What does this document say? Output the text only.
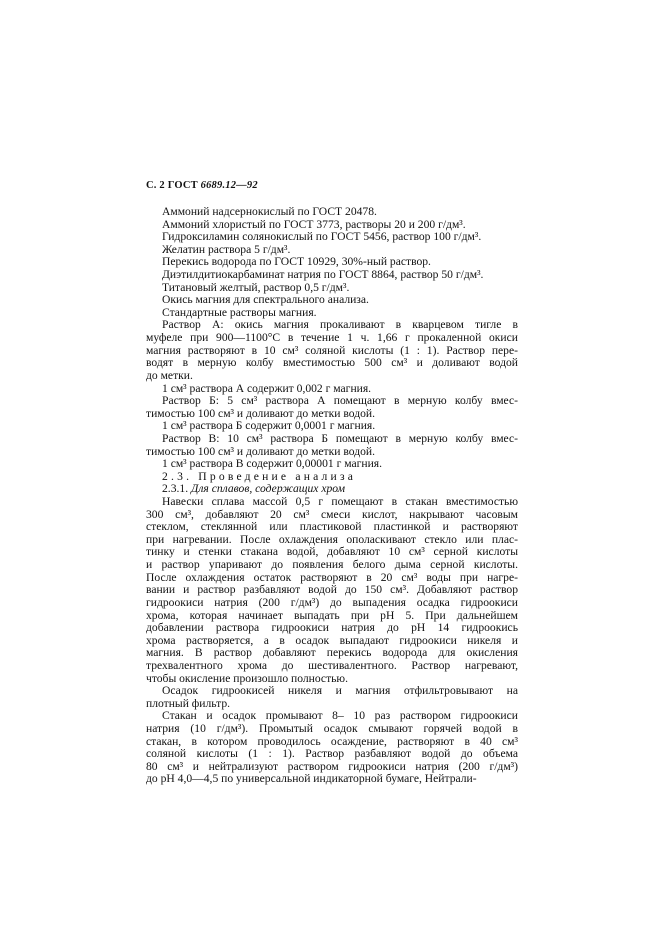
С. 2 ГОСТ 6689.12—92
Аммоний надсернокислый по ГОСТ 20478.
Аммоний хлористый по ГОСТ 3773, растворы 20 и 200 г/дм³.
Гидроксиламин солянокислый по ГОСТ 5456, раствор 100 г/дм³.
Желатин раствора 5 г/дм³.
Перекись водорода по ГОСТ 10929, 30%-ный раствор.
Диэтилдитиокарбаминат натрия по ГОСТ 8864, раствор 50 г/дм³.
Титановый желтый, раствор 0,5 г/дм³.
Окись магния для спектрального анализа.
Стандартные растворы магния.
Раствор А: окись магния прокаливают в кварцевом тигле в
муфеле при 900—1100°С в течение 1 ч. 1,66 г прокаленной окиси
магния растворяют в 10 см³ соляной кислоты (1 : 1). Раствор пере-
водят в мерную колбу вместимостью 500 см³ и доливают водой
до метки.
1 см³ раствора А содержит 0,002 г магния.
Раствор Б: 5 см³ раствора А помещают в мерную колбу вмес-
тимостью 100 см³ и доливают до метки водой.
1 см³ раствора Б содержит 0,0001 г магния.
Раствор В: 10 см³ раствора Б помещают в мерную колбу вмес-
тимостью 100 см³ и доливают до метки водой.
1 см³ раствора В содержит 0,00001 г магния.
2.3. Проведение анализа
2.3.1. Для сплавов, содержащих хром
Навески сплава массой 0,5 г помещают в стакан вместимостью
300 см³, добавляют 20 см³ смеси кислот, накрывают часовым
стеклом, стеклянной или пластиковой пластинкой и растворяют
при нагревании. После охлаждения ополаскивают стекло или плас-
тинку и стенки стакана водой, добавляют 10 см³ серной кислоты
и раствор упаривают до появления белого дыма серной кислоты.
После охлаждения остаток растворяют в 20 см³ воды при нагре-
вании и раствор разбавляют водой до 150 см³. Добавляют раствор
гидроокиси натрия (200 г/дм³) до выпадения осадка гидроокиси
хрома, которая начинает выпадать при рН 5. При дальнейшем
добавлении раствора гидроокиси натрия до рН 14 гидроокись
хрома растворяется, а в осадок выпадают гидроокиси никеля и
магния. В раствор добавляют перекись водорода для окисления
трехвалентного хрома до шестивалентного. Раствор нагревают,
чтобы окисление произошло полностью.
Осадок гидроокисей никеля и магния отфильтровывают на
плотный фильтр.
Стакан и осадок промывают 8– 10 раз раствором гидроокиси
натрия (10 г/дм³). Промытый осадок смывают горячей водой в
стакан, в котором проводилось осаждение, растворяют в 40 см³
соляной кислоты (1 : 1). Раствор разбавляют водой до объема
80 см³ и нейтрализуют раствором гидроокиси натрия (200 г/дм³)
до рН 4,0—4,5 по универсальной индикаторной бумаге, Нейтрали-
